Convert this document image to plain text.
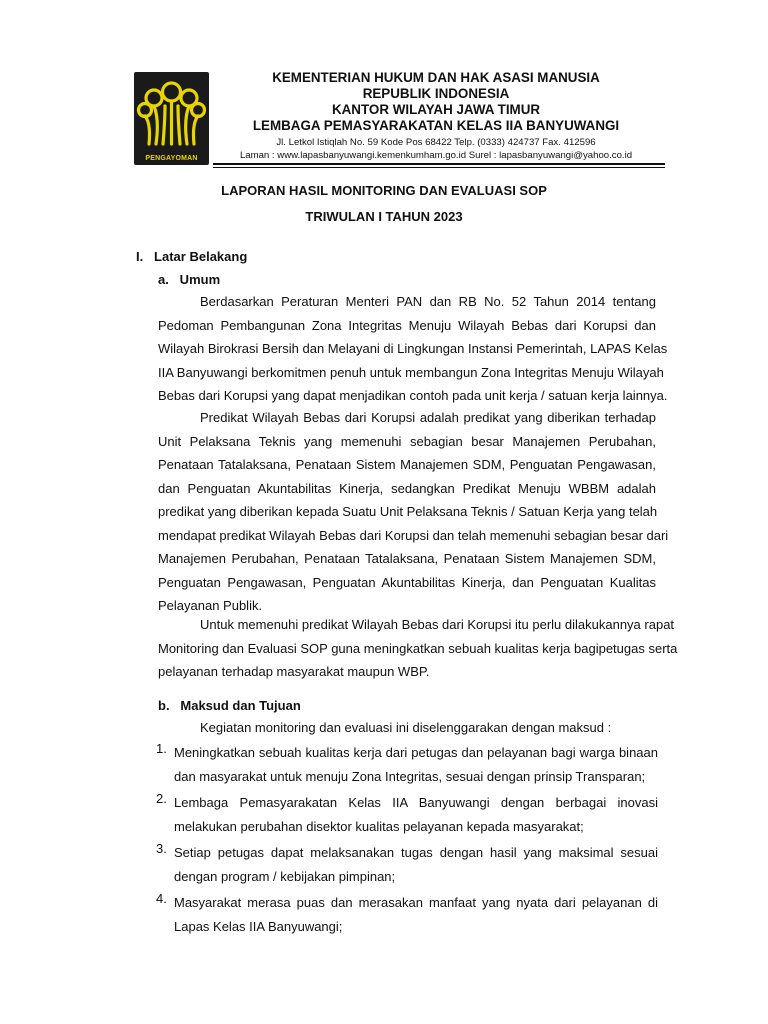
PENGAYOMAN
KEMENTERIAN HUKUM DAN HAK ASASI MANUSIA
REPUBLIK INDONESIA
KANTOR WILAYAH JAWA TIMUR
LEMBAGA PEMASYARAKATAN KELAS IIA BANYUWANGI
Jl. Letkol Istiqlah No. 59 Kode Pos 68422 Telp. (0333) 424737 Fax. 412596
Laman : www.lapasbanyuwangi.kemenkumham.go.id Surel : lapasbanyuwangi@yahoo.co.id
LAPORAN HASIL MONITORING DAN EVALUASI SOP
TRIWULAN I TAHUN 2023
I.   Latar Belakang
a.   Umum
Berdasarkan Peraturan Menteri PAN dan RB No. 52 Tahun 2014 tentang
Pedoman Pembangunan Zona Integritas Menuju Wilayah Bebas dari Korupsi dan
Wilayah Birokrasi Bersih dan Melayani di Lingkungan Instansi Pemerintah, LAPAS Kelas
IIA Banyuwangi berkomitmen penuh untuk membangun Zona Integritas Menuju Wilayah
Bebas dari Korupsi yang dapat menjadikan contoh pada unit kerja / satuan kerja lainnya.
Predikat Wilayah Bebas dari Korupsi adalah predikat yang diberikan terhadap
Unit Pelaksana Teknis yang memenuhi sebagian besar Manajemen Perubahan,
Penataan Tatalaksana, Penataan Sistem Manajemen SDM, Penguatan Pengawasan,
dan Penguatan Akuntabilitas Kinerja, sedangkan Predikat Menuju WBBM adalah
predikat yang diberikan kepada Suatu Unit Pelaksana Teknis / Satuan Kerja yang telah
mendapat predikat Wilayah Bebas dari Korupsi dan telah memenuhi sebagian besar dari
Manajemen Perubahan, Penataan Tatalaksana, Penataan Sistem Manajemen SDM,
Penguatan Pengawasan, Penguatan Akuntabilitas Kinerja, dan Penguatan Kualitas
Pelayanan Publik.
Untuk memenuhi predikat Wilayah Bebas dari Korupsi itu perlu dilakukannya rapat
Monitoring dan Evaluasi SOP guna meningkatkan sebuah kualitas kerja bagipetugas serta
pelayanan terhadap masyarakat maupun WBP.
b.   Maksud dan Tujuan
Kegiatan monitoring dan evaluasi ini diselenggarakan dengan maksud :
1. Meningkatkan sebuah kualitas kerja dari petugas dan pelayanan bagi warga binaan
dan masyarakat untuk menuju Zona Integritas, sesuai dengan prinsip Transparan;
2. Lembaga Pemasyarakatan Kelas IIA Banyuwangi dengan berbagai inovasi
melakukan perubahan disektor kualitas pelayanan kepada masyarakat;
3. Setiap petugas dapat melaksanakan tugas dengan hasil yang maksimal sesuai
dengan program / kebijakan pimpinan;
4. Masyarakat merasa puas dan merasakan manfaat yang nyata dari pelayanan di
Lapas Kelas IIA Banyuwangi;
